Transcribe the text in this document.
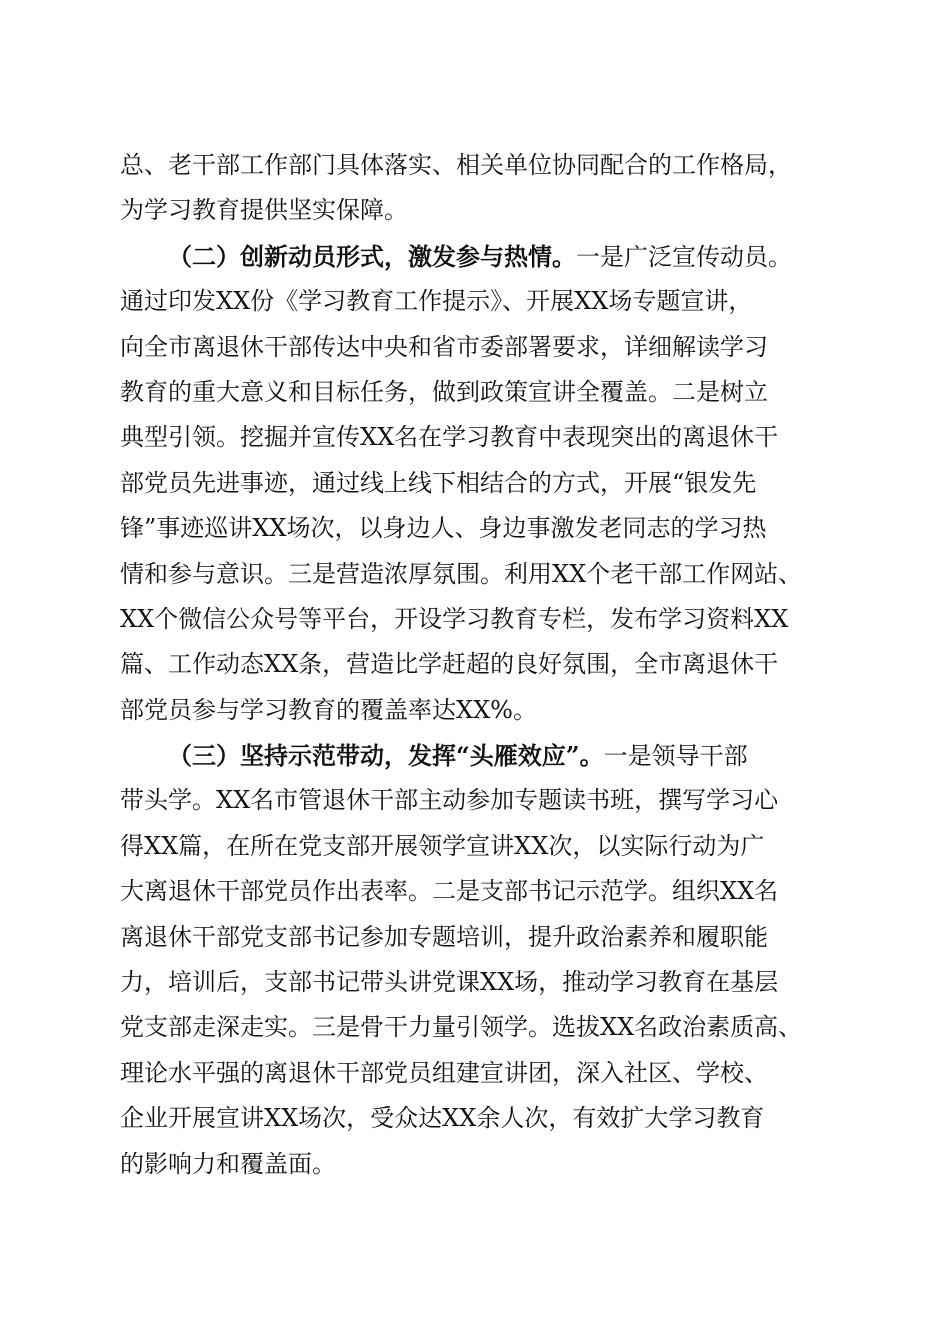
总、老干部工作部门具体落实、相关单位协同配合的工作格局，
为学习教育提供坚实保障。
（二）创新动员形式，激发参与热情。一是广泛宣传动员。
通过印发XX份《学习教育工作提示》、开展XX场专题宣讲，
向全市离退休干部传达中央和省市委部署要求，详细解读学习
教育的重大意义和目标任务，做到政策宣讲全覆盖。二是树立
典型引领。挖掘并宣传XX名在学习教育中表现突出的离退休干
部党员先进事迹，通过线上线下相结合的方式，开展“银发先
锋”事迹巡讲XX场次，以身边人、身边事激发老同志的学习热
情和参与意识。三是营造浓厚氛围。利用XX个老干部工作网站、
XX个微信公众号等平台，开设学习教育专栏，发布学习资料XX
篇、工作动态XX条，营造比学赶超的良好氛围，全市离退休干
部党员参与学习教育的覆盖率达XX%。
（三）坚持示范带动，发挥“头雁效应”。一是领导干部
带头学。XX名市管退休干部主动参加专题读书班，撰写学习心
得XX篇，在所在党支部开展领学宣讲XX次，以实际行动为广
大离退休干部党员作出表率。二是支部书记示范学。组织XX名
离退休干部党支部书记参加专题培训，提升政治素养和履职能
力，培训后，支部书记带头讲党课XX场，推动学习教育在基层
党支部走深走实。三是骨干力量引领学。选拔XX名政治素质高、
理论水平强的离退休干部党员组建宣讲团，深入社区、学校、
企业开展宣讲XX场次，受众达XX余人次，有效扩大学习教育
的影响力和覆盖面。
